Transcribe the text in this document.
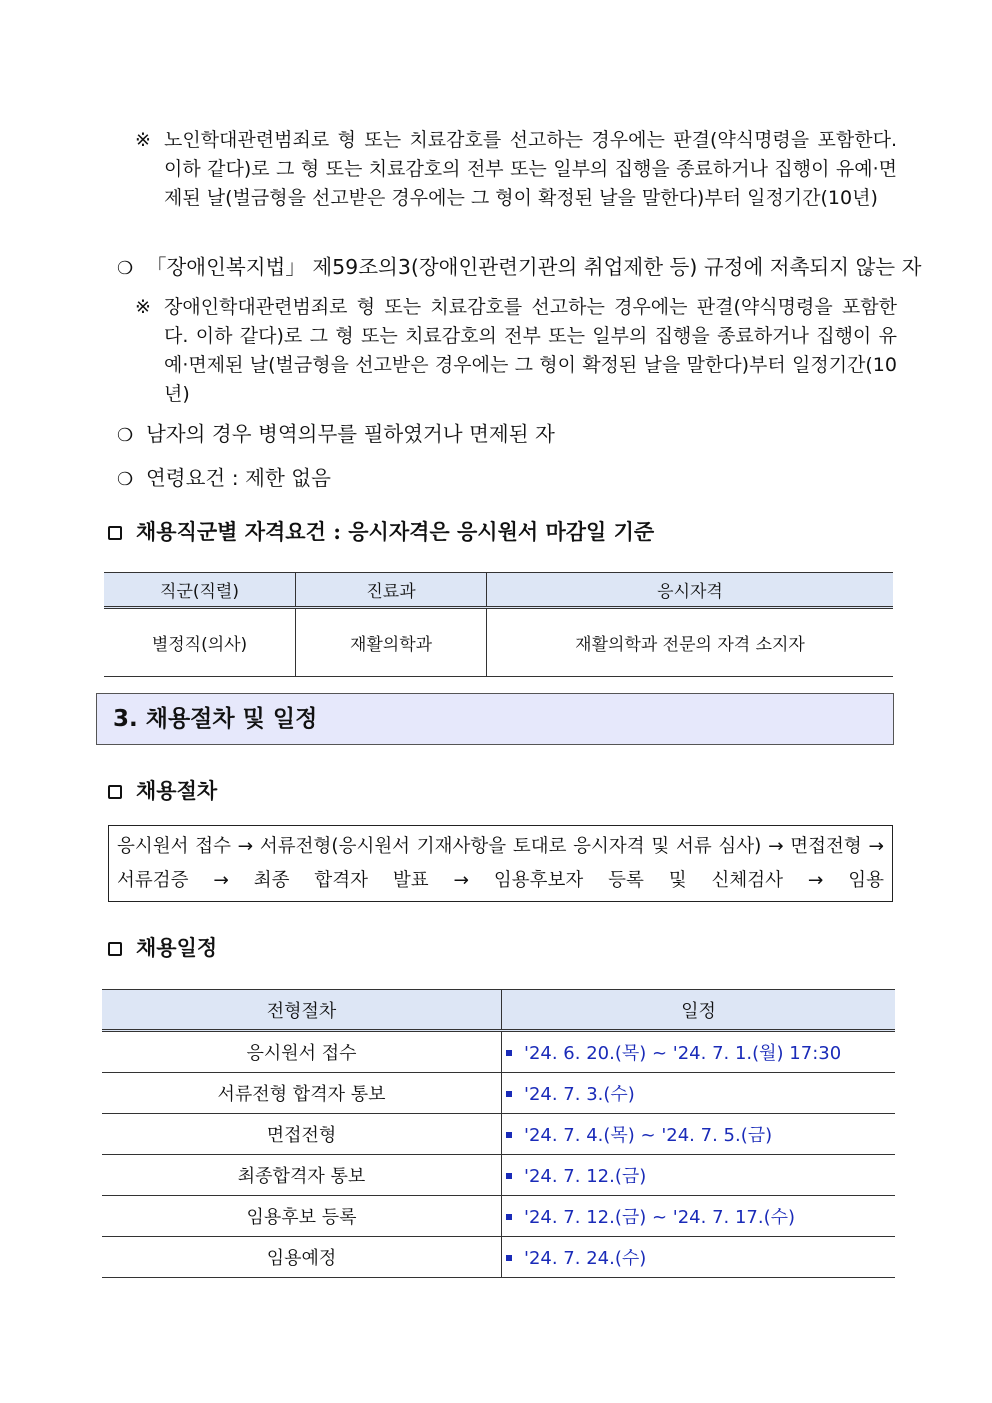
※ 노인학대관련범죄로 형 또는 치료감호를 선고하는 경우에는 판결(약식명령을 포함한다. 이하 같다)로 그 형 또는 치료감호의 전부 또는 일부의 집행을 종료하거나 집행이 유예·면제된 날(벌금형을 선고받은 경우에는 그 형이 확정된 날을 말한다)부터 일정기간(10년)
❍ 「장애인복지법」 제59조의3(장애인관련기관의 취업제한 등) 규정에 저촉되지 않는 자
※ 장애인학대관련범죄로 형 또는 치료감호를 선고하는 경우에는 판결(약식명령을 포함한다. 이하 같다)로 그 형 또는 치료감호의 전부 또는 일부의 집행을 종료하거나 집행이 유예·면제된 날(벌금형을 선고받은 경우에는 그 형이 확정된 날을 말한다)부터 일정기간(10년)
❍ 남자의 경우 병역의무를 필하였거나 면제된 자
❍ 연령요건 : 제한 없음
채용직군별 자격요건 : 응시자격은 응시원서 마감일 기준
직군(직렬)	진료과	응시자격
별정직(의사)	재활의학과	재활의학과 전문의 자격 소지자
3. 채용절차 및 일정
채용절차
응시원서 접수 → 서류전형(응시원서 기재사항을 토대로 응시자격 및 서류 심사) → 면접전형 → 서류검증 → 최종 합격자 발표 → 임용후보자 등록 및 신체검사 → 임용
채용일정
전형절차	일정
응시원서 접수	'24. 6. 20.(목) ~ '24. 7. 1.(월) 17:30
서류전형 합격자 통보	'24. 7. 3.(수)
면접전형	'24. 7. 4.(목) ~ '24. 7. 5.(금)
최종합격자 통보	'24. 7. 12.(금)
임용후보 등록	'24. 7. 12.(금) ~ '24. 7. 17.(수)
임용예정	'24. 7. 24.(수)
